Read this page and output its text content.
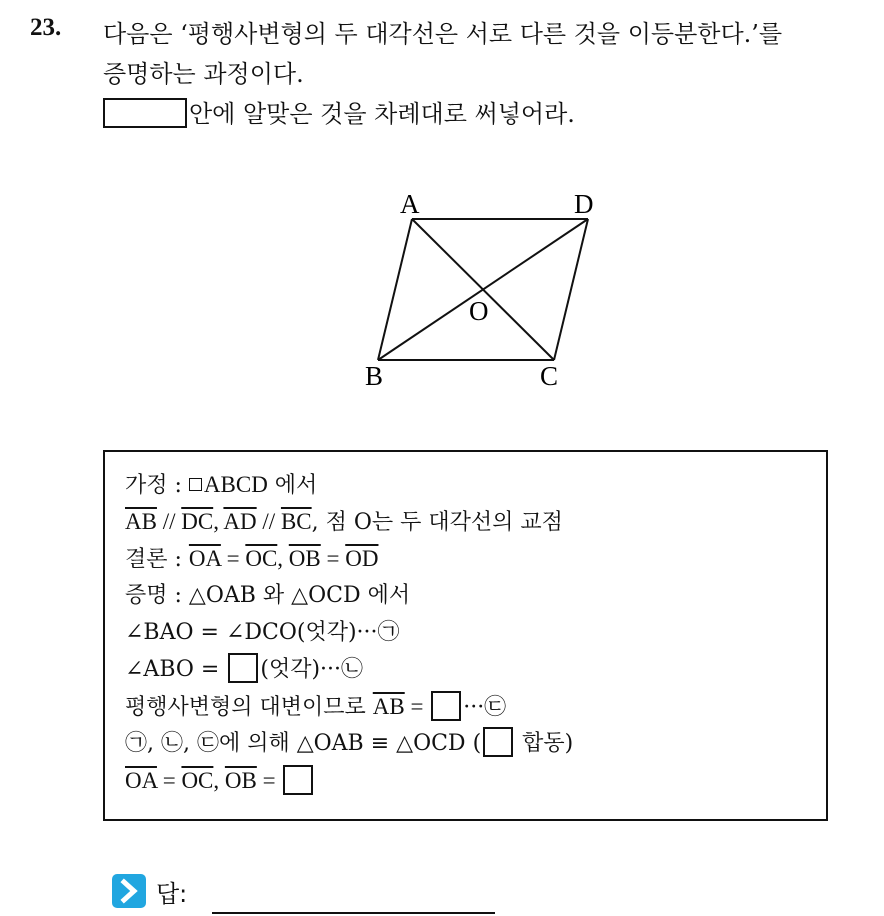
23. 다음은 ‘평행사변형의 두 대각선은 서로 다른 것을 이등분한다.’를
증명하는 과정이다.
안에 알맞은 것을 차례대로 써넣어라.
A	D
O
B	C
가정 : ABCD 에서
$\overline{AB} // \overline{DC}$, $\overline{AD} // \overline{BC}$, 점 O는 두 대각선의 교점
결론 : $\overline{OA} = \overline{OC}$, $\overline{OB} = \overline{OD}$
증명 : △OAB 와 △OCD 에서
∠BAO = ∠DCO(엇각)···㉠
∠ABO = (엇각)···㉡
평행사변형의 대변이므로 $\overline{AB}$ = ···㉢
㉠, ㉡, ㉢에 의해 △OAB ≡ △OCD ( 합동)
$\overline{OA} = \overline{OC}$, $\overline{OB}$ =
답:
